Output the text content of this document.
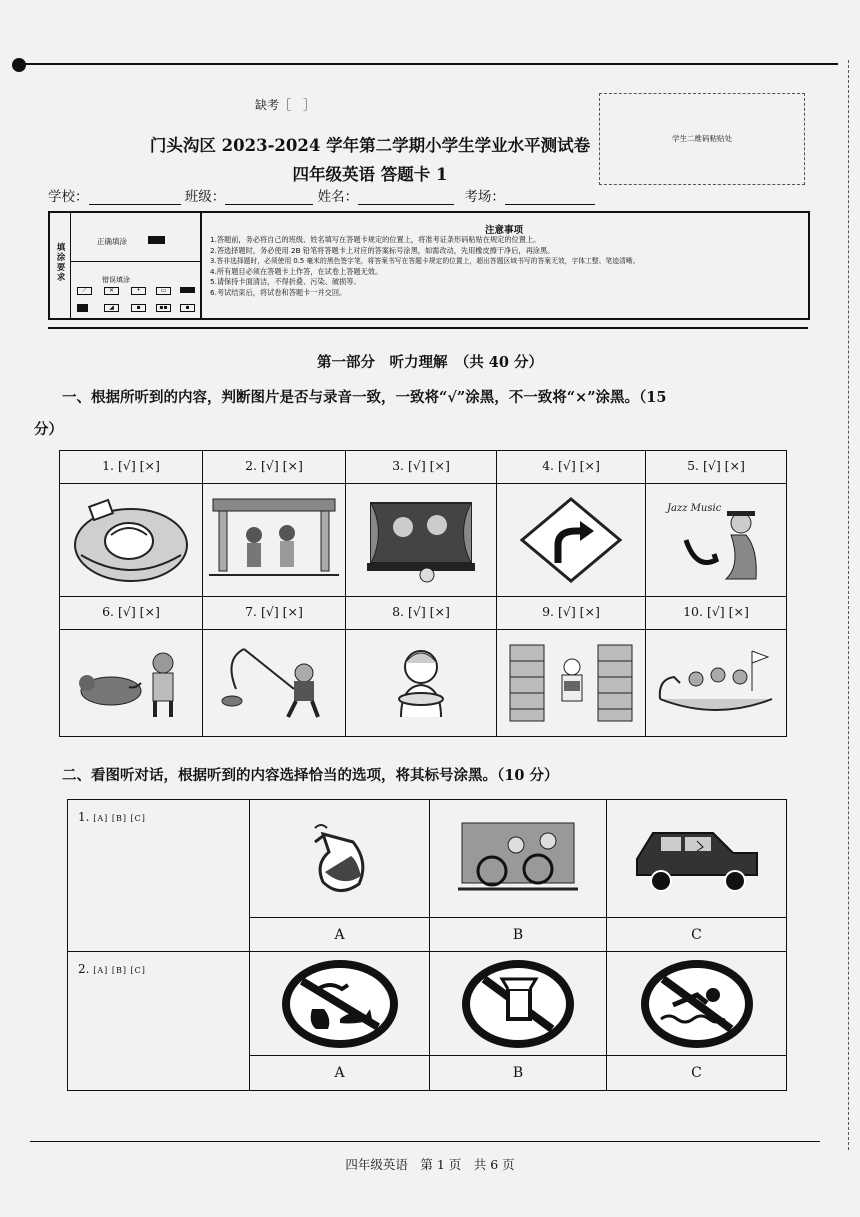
缺考［　］
门头沟区 2023-2024 学年第二学期小学生学业水平测试卷
四年级英语 答题卡 1
学生二维码粘贴处
学校：	班级：	姓名：	考场：
填涂要求
正确填涂
错误填涂
⟋	✕	•	▭
◢	▪	▪▪	▪
注意事项
1.答题前，务必将自己的班级、姓名填写在答题卡规定的位置上，将准考证条形码粘贴在规定的位置上。
2.答选择题时，务必使用 2B 铅笔将答题卡上对应的答案标号涂黑，如需改动，先用橡皮擦干净后，再涂黑。
3.答非选择题时，必须使用 0.5 毫米的黑色签字笔，将答案书写在答题卡规定的位置上，超出答题区域书写的答案无效，字体工整、笔迹清晰。
4.所有题目必须在答题卡上作答，在试卷上答题无效。
5.请保持卡面清洁，不得折叠、污染、破损等。
6.考试结束后，将试卷和答题卡一并交回。
第一部分　听力理解　（共 40 分）
一、根据所听到的内容，判断图片是否与录音一致，一致将“√”涂黑，不一致将“×”涂黑。（15
分）
1. [√] [×]	2. [√] [×]	3. [√] [×]	4. [√] [×]	5. [√] [×]
Jazz Music
6. [√] [×]	7. [√] [×]	8. [√] [×]	9. [√] [×]	10. [√] [×]
二、看图听对话，根据听到的内容选择恰当的选项，将其标号涂黑。（10 分）
1. [A] [B] [C]
A	B	C
2. [A] [B] [C]
A	B	C
四年级英语　第 1 页　共 6 页
